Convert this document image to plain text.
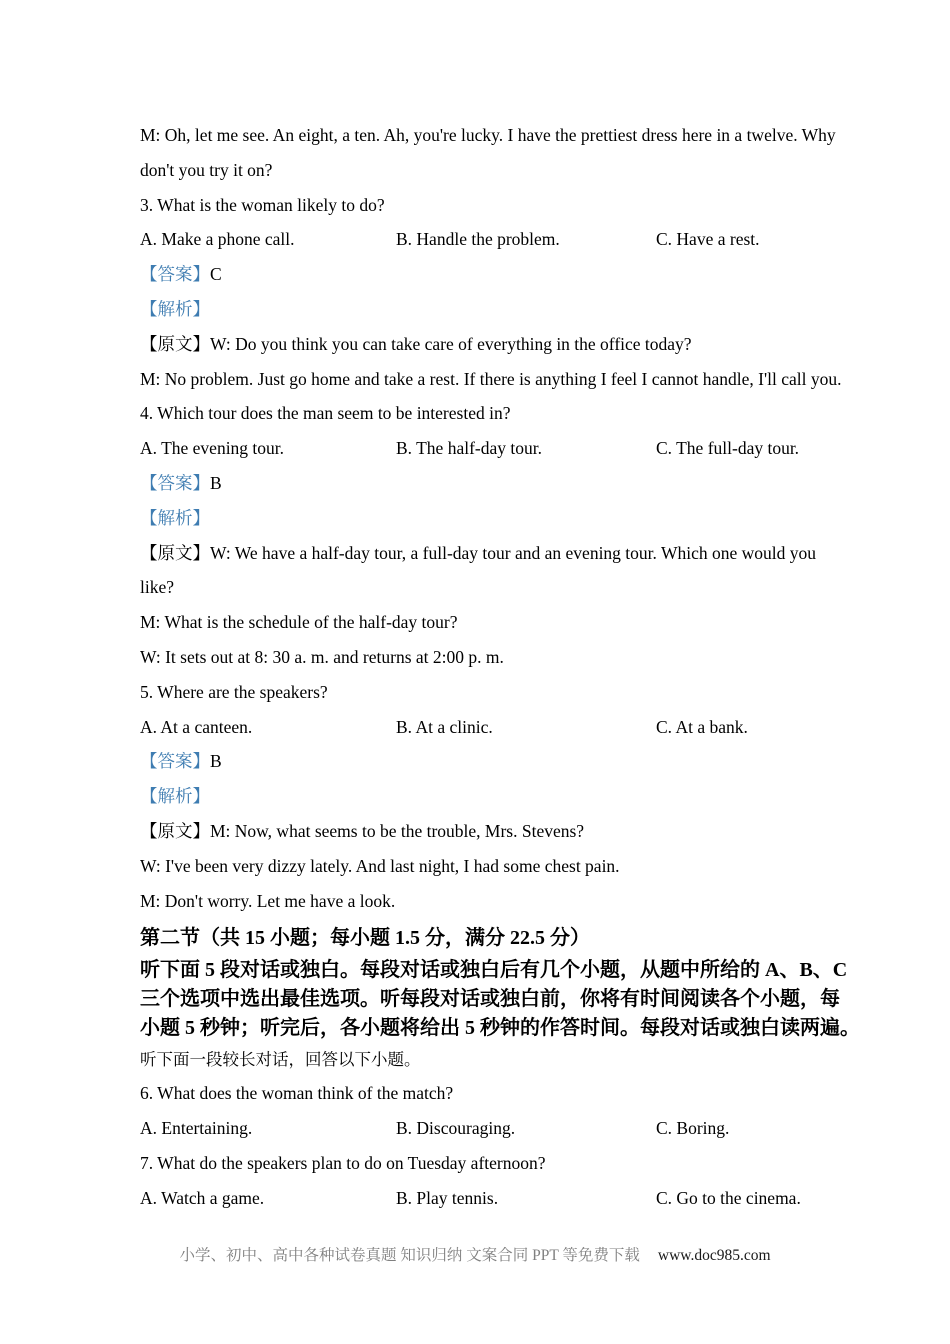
M: Oh, let me see. An eight, a ten. Ah, you're lucky. I have the prettiest dress here in a twelve. Why
don't you try it on?
3. What is the woman likely to do?
A. Make a phone call.	B. Handle the problem.	C. Have a rest.
【答案】C
【解析】
【原文】W: Do you think you can take care of everything in the office today?
M: No problem. Just go home and take a rest. If there is anything I feel I cannot handle, I'll call you.
4. Which tour does the man seem to be interested in?
A. The evening tour.	B. The half-day tour.	C. The full-day tour.
【答案】B
【解析】
【原文】W: We have a half-day tour, a full-day tour and an evening tour. Which one would you
like?
M: What is the schedule of the half-day tour?
W: It sets out at 8: 30 a. m. and returns at 2:00 p. m.
5. Where are the speakers?
A. At a canteen.	B. At a clinic.	C. At a bank.
【答案】B
【解析】
【原文】M: Now, what seems to be the trouble, Mrs. Stevens?
W: I've been very dizzy lately. And last night, I had some chest pain.
M: Don't worry. Let me have a look.
第二节（共 15 小题；每小题 1.5 分，满分 22.5 分）
听下面 5 段对话或独白。每段对话或独白后有几个小题，从题中所给的 A、B、C
三个选项中选出最佳选项。听每段对话或独白前，你将有时间阅读各个小题，每
小题 5 秒钟；听完后，各小题将给出 5 秒钟的作答时间。每段对话或独白读两遍。
听下面一段较长对话，回答以下小题。
6. What does the woman think of the match?
A. Entertaining.	B. Discouraging.	C. Boring.
7. What do the speakers plan to do on Tuesday afternoon?
A. Watch a game.	B. Play tennis.	C. Go to the cinema.
小学、初中、高中各种试卷真题 知识归纳 文案合同 PPT 等免费下载 www.doc985.com
